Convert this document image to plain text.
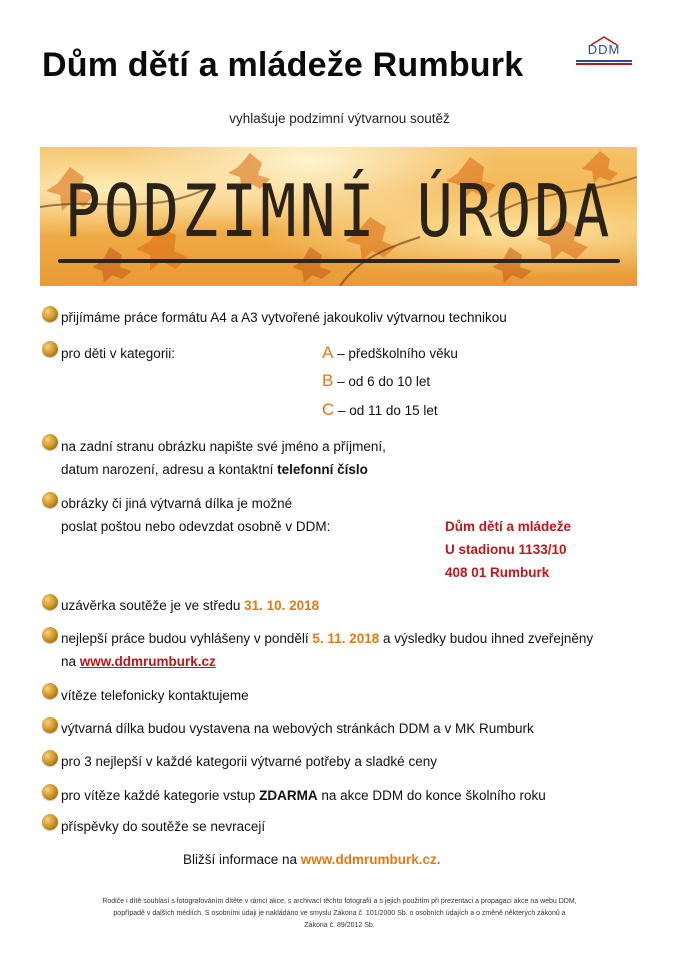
Dům dětí a mládeže Rumburk	DDM
vyhlašuje podzimní výtvarnou soutěž
PODZIMNÍ ÚRODA
přijímáme práce formátu A4 a A3 vytvořené jakoukoliv výtvarnou technikou
pro děti v kategorii:	A – předškolního věku
B – od 6 do 10 let
C – od 11 do 15 let
na zadní stranu obrázku napište své jméno a příjmení,
datum narození, adresu a kontaktní telefonní číslo
obrázky či jiná výtvarná dílka je možné
poslat poštou nebo odevzdat osobně v DDM:	Dům dětí a mládeže
U stadionu 1133/10
408 01 Rumburk
uzávěrka soutěže je ve středu 31. 10. 2018
nejlepší práce budou vyhlášeny v pondělí 5. 11. 2018 a výsledky budou ihned zveřejněny
na www.ddmrumburk.cz
vítěze telefonicky kontaktujeme
výtvarná dílka budou vystavena na webových stránkách DDM a v MK Rumburk
pro 3 nejlepší v každé kategorii výtvarné potřeby a sladké ceny
pro vítěze každé kategorie vstup ZDARMA na akce DDM do konce školního roku
příspěvky do soutěže se nevracejí
Bližší informace na www.ddmrumburk.cz.
Rodiče i dítě souhlasí s fotografováním dítěte v rámci akce, s archivací těchto fotografií a s jejich použitím při prezentaci a propagaci akce na webu DDM,
popřípadě v dalších médiích. S osobními údaji je nakládáno ve smyslu Zákona č. 101/2000 Sb. o osobních údajích a o změně některých zákonů a
Zákona č. 89/2012 Sb.
